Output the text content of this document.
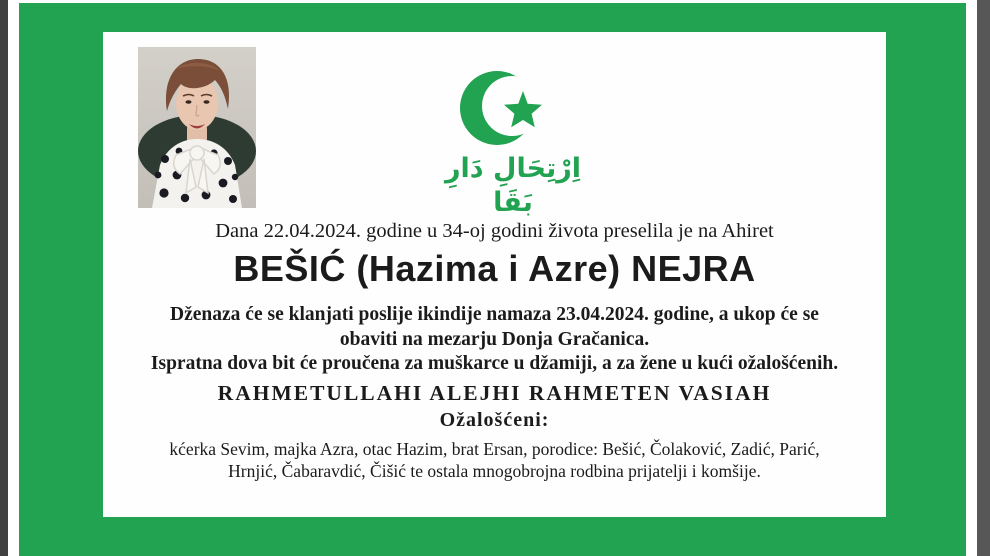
اِرْتِحَالِ دَارِ بَقَا
Dana 22.04.2024. godine u 34-oj godini života preselila je na Ahiret
BEŠIĆ (Hazima i Azre) NEJRA
Dženaza će se klanjati poslije ikindije namaza 23.04.2024. godine, a ukop će se
obaviti na mezarju Donja Gračanica.
Ispratna dova bit će proučena za muškarce u džamiji, a za žene u kući ožalošćenih.
RAHMETULLAHI ALEJHI RAHMETEN VASIAH
Ožalošćeni:
kćerka Sevim, majka Azra, otac Hazim, brat Ersan, porodice: Bešić, Čolaković, Zadić, Parić,
Hrnjić, Čabaravdić, Čišić te ostala mnogobrojna rodbina prijatelji i komšije.
